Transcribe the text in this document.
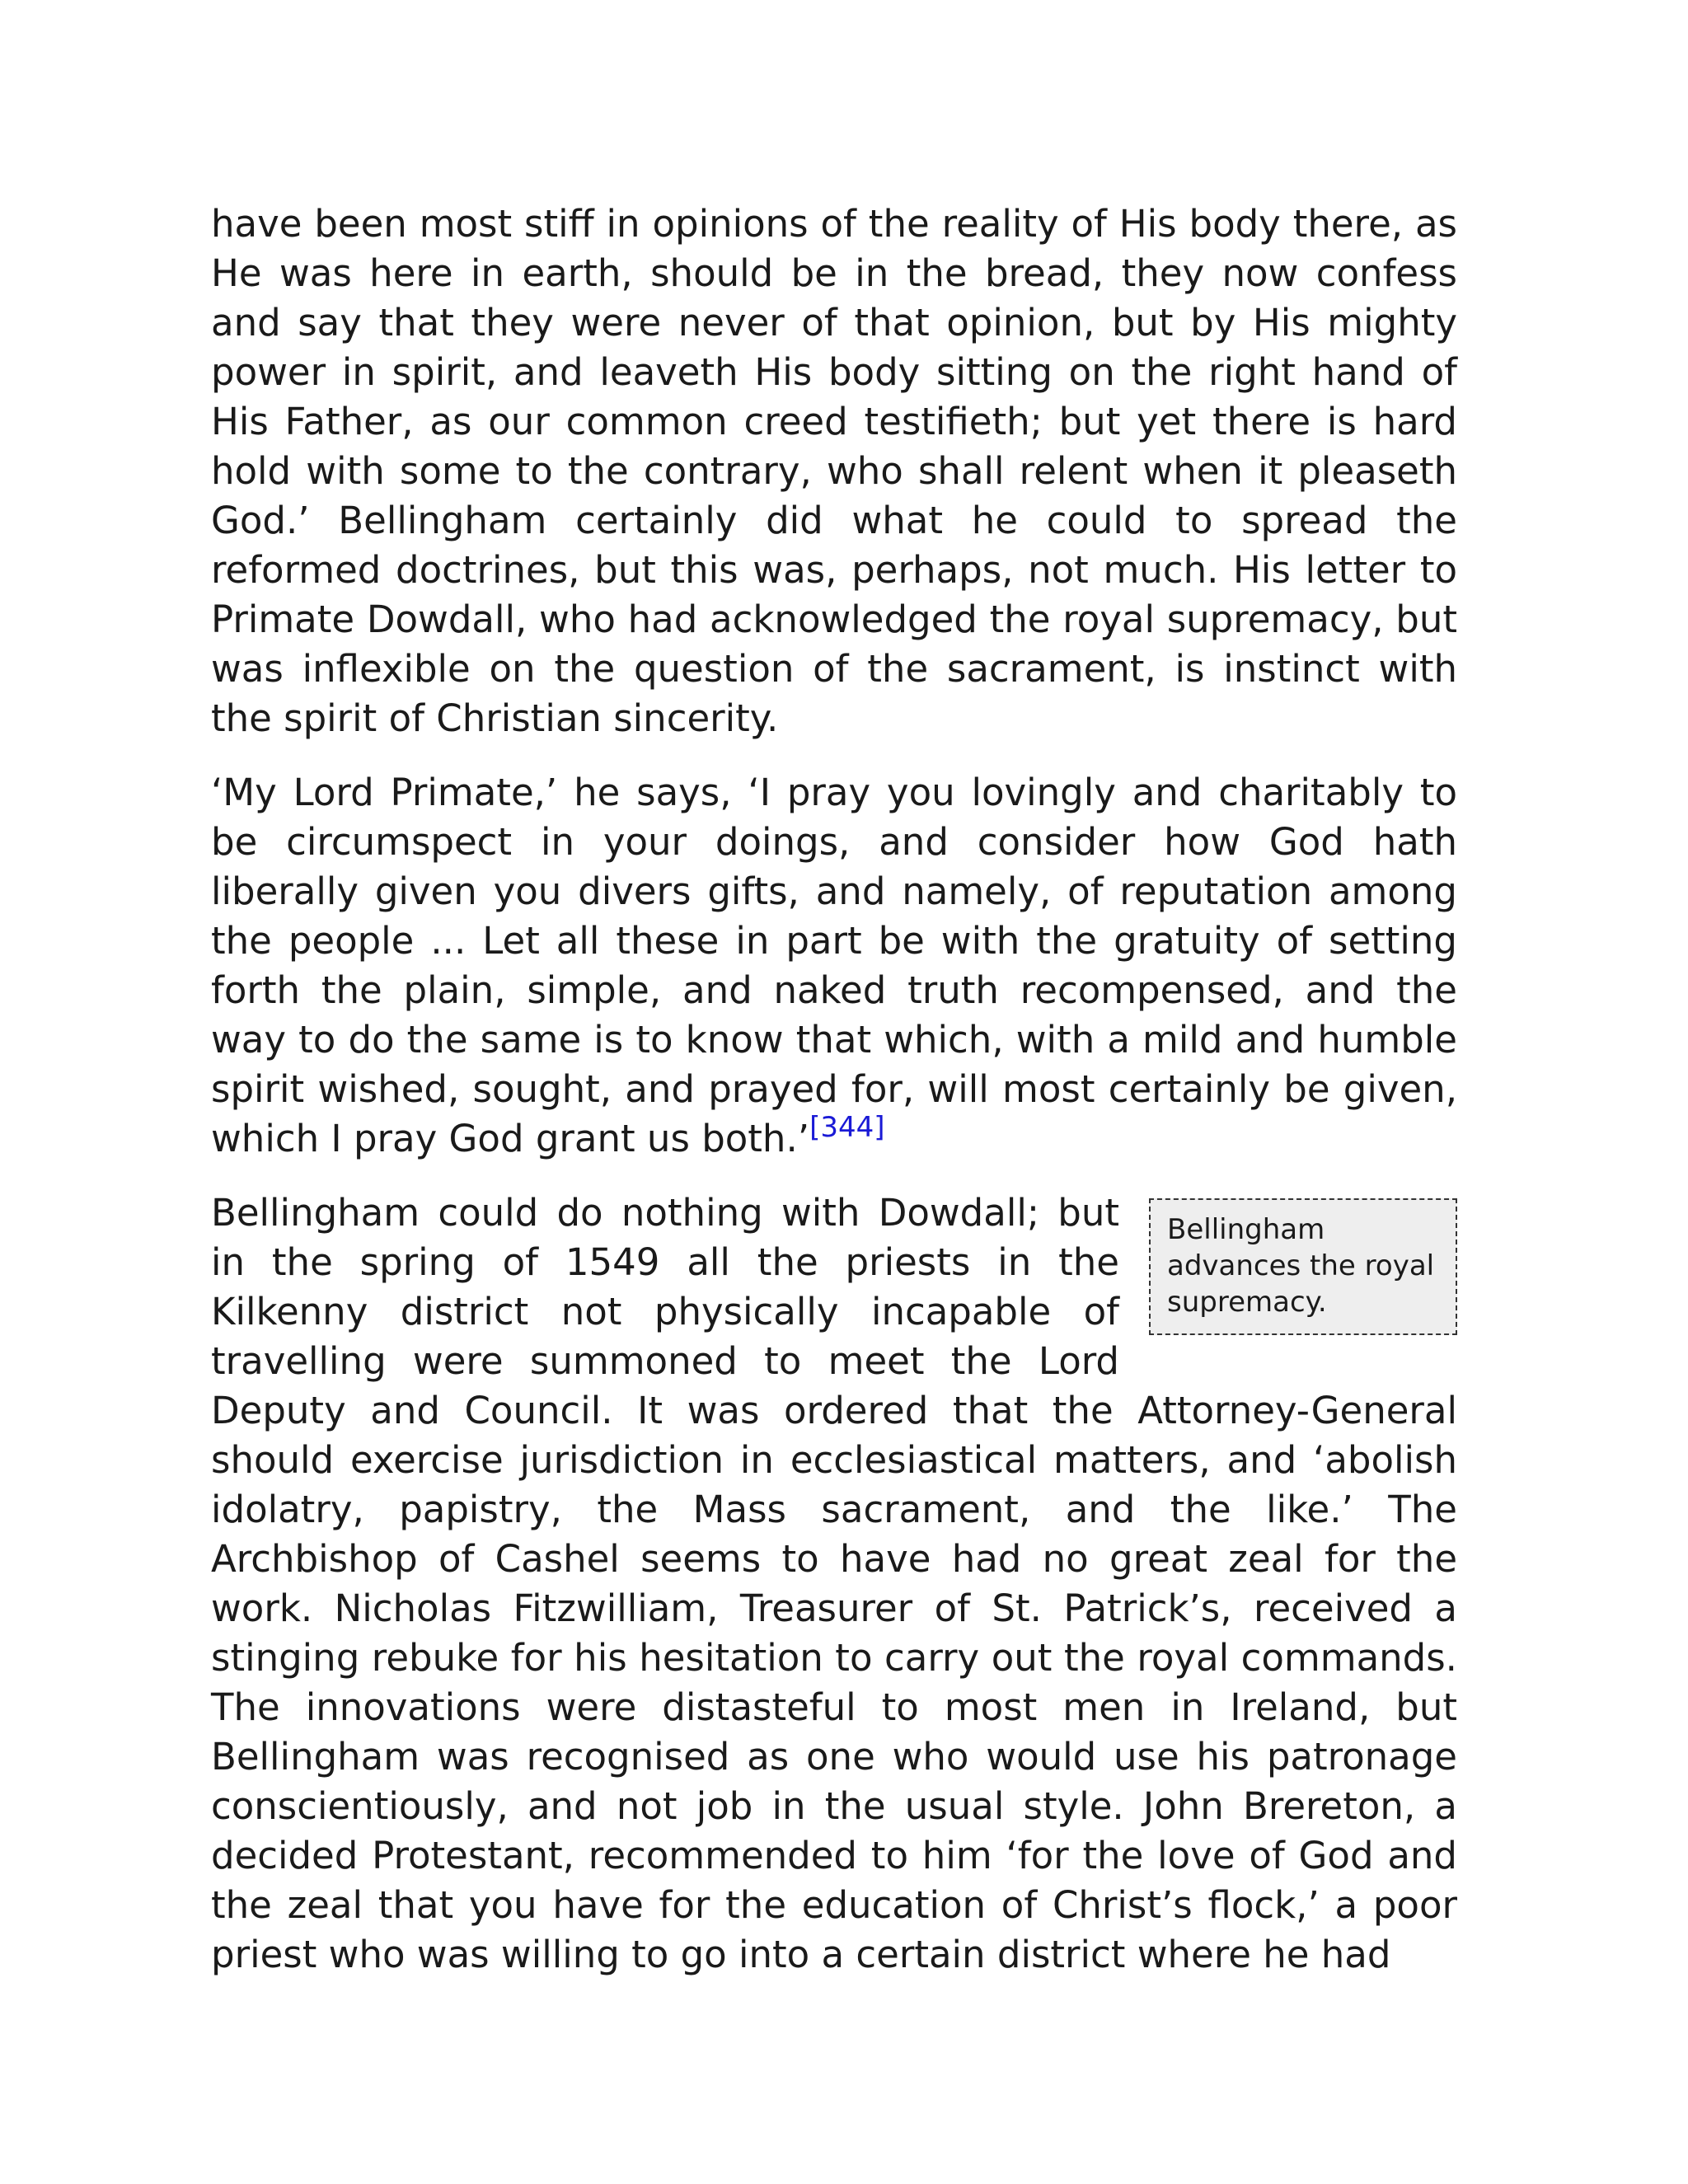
have been most stiff in opinions of the reality of His body there, as He was here in earth, should be in the bread, they now confess and say that they were never of that opinion, but by His mighty power in spirit, and leaveth His body sitting on the right hand of His Father, as our common creed testifieth; but yet there is hard hold with some to the contrary, who shall relent when it pleaseth God.’ Bellingham certainly did what he could to spread the reformed doctrines, but this was, perhaps, not much. His letter to Primate Dowdall, who had acknowledged the royal supremacy, but was inflexible on the question of the sacrament, is instinct with the spirit of Christian sincerity.

‘My Lord Primate,’ he says, ‘I pray you lovingly and charitably to be circumspect in your doings, and consider how God hath liberally given you divers gifts, and namely, of reputation among the people ... Let all these in part be with the gratuity of setting forth the plain, simple, and naked truth recompensed, and the way to do the same is to know that which, with a mild and humble spirit wished, sought, and prayed for, will most certainly be given, which I pray God grant us both.’[344]

Bellingham advances the royal supremacy.
Bellingham could do nothing with Dowdall; but in the spring of 1549 all the priests in the Kilkenny district not physically incapable of travelling were summoned to meet the Lord Deputy and Council. It was ordered that the Attorney-General should exercise jurisdiction in ecclesiastical matters, and ‘abolish idolatry, papistry, the Mass sacrament, and the like.’ The Archbishop of Cashel seems to have had no great zeal for the work. Nicholas Fitzwilliam, Treasurer of St. Patrick’s, received a stinging rebuke for his hesitation to carry out the royal commands. The innovations were distasteful to most men in Ireland, but Bellingham was recognised as one who would use his patronage conscientiously, and not job in the usual style. John Brereton, a decided Protestant, recommended to him ‘for the love of God and the zeal that you have for the education of Christ’s flock,’ a poor priest who was willing to go into a certain district where he had
